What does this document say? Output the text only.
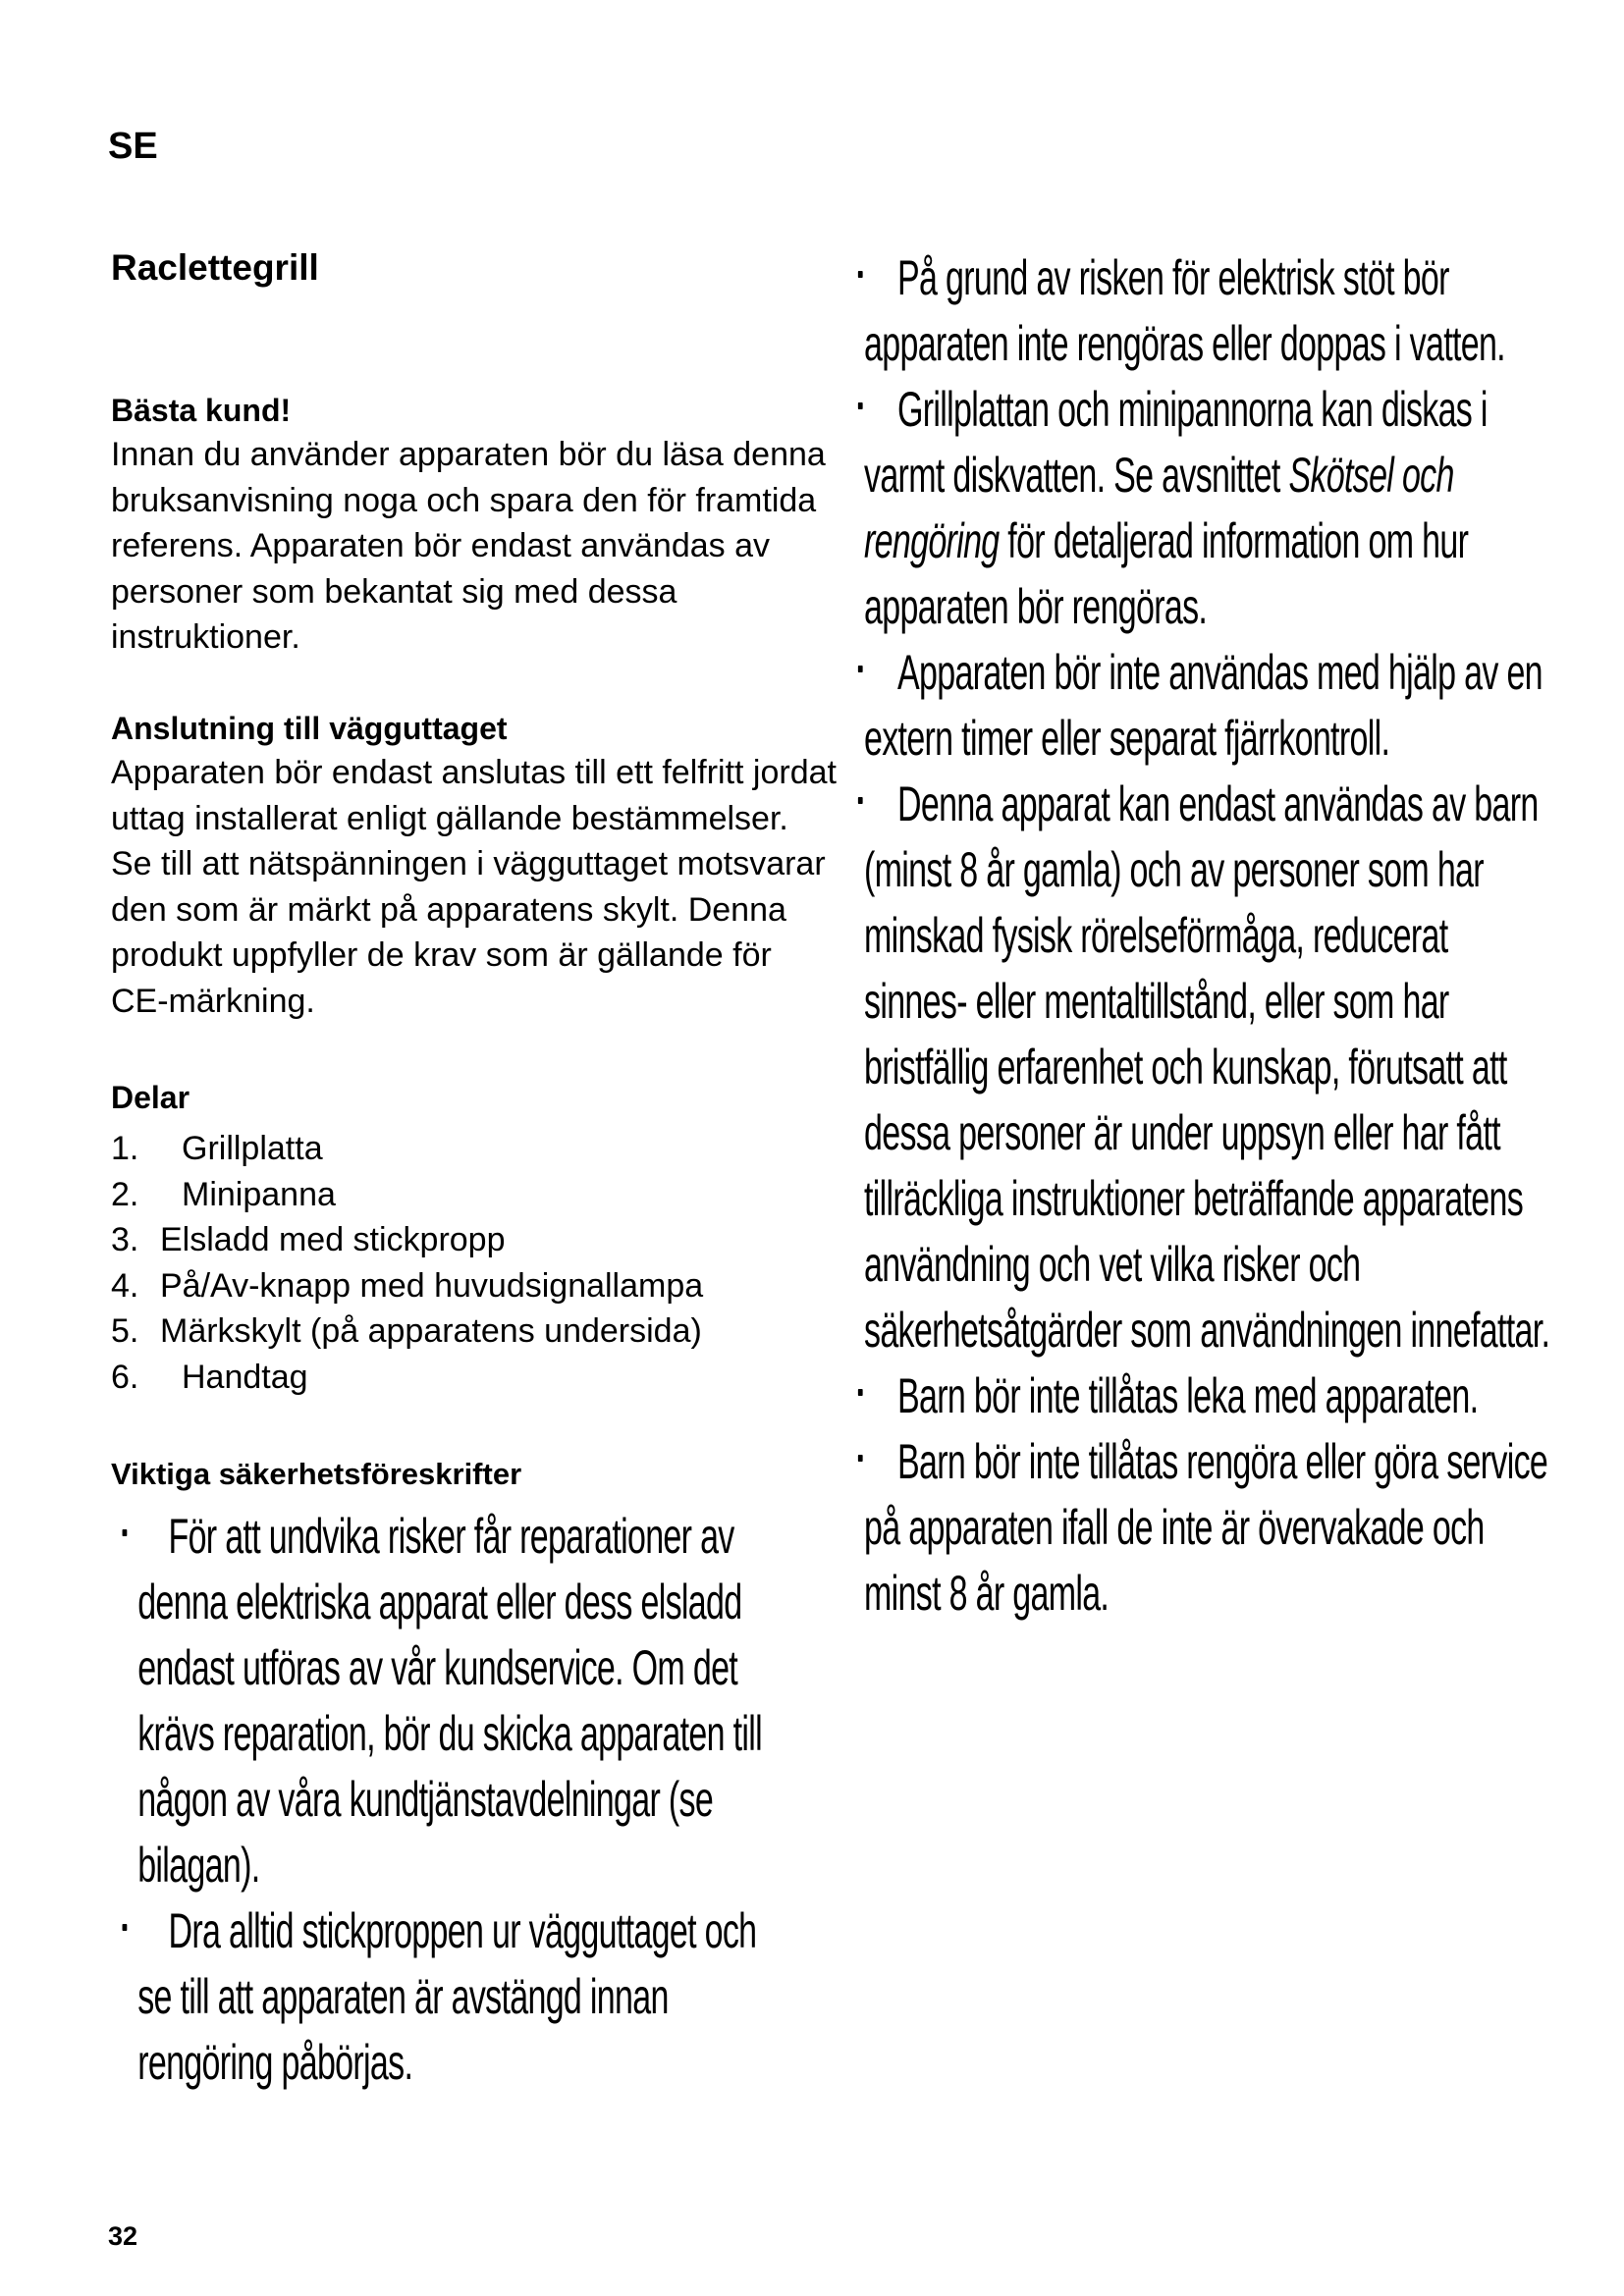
SE
Raclettegrill
Bästa kund!

Innan du använder apparaten bör du läsa denna bruksanvisning noga och spara den för framtida referens. Apparaten bör endast användas av personer som bekantat sig med dessa instruktioner.

Anslutning till vägguttaget

Apparaten bör endast anslutas till ett felfritt jordat uttag installerat enligt gällande bestämmelser. Se till att nätspänningen i vägguttaget motsvarar den som är märkt på apparatens skylt. Denna produkt uppfyller de krav som är gällande för CE-märkning.

Delar
1.	Grillplatta
2.	Minipanna
3. Elsladd med stickpropp
4. På/Av-knapp med huvudsignallampa
5. Märkskylt (på apparatens undersida)
6.	Handtag
Viktiga säkerhetsföreskrifter
För att undvika risker får reparationer av denna elektriska apparat eller dess elsladd endast utföras av vår kundservice. Om det krävs reparation, bör du skicka apparaten till någon av våra kundtjänstavdelningar (se bilagan).
Dra alltid stickproppen ur vägguttaget och se till att apparaten är avstängd innan rengöring påbörjas.
På grund av risken för elektrisk stöt bör apparaten inte rengöras eller doppas i vatten.
Grillplattan och minipannorna kan diskas i varmt diskvatten. Se avsnittet Skötsel och rengöring för detaljerad information om hur apparaten bör rengöras.
Apparaten bör inte användas med hjälp av en extern timer eller separat fjärrkontroll.
Denna apparat kan endast användas av barn (minst 8 år gamla) och av personer som har minskad fysisk rörelseförmåga, reducerat sinnes- eller mentaltillstånd, eller som har bristfällig erfarenhet och kunskap, förutsatt att dessa personer är under uppsyn eller har fått tillräckliga instruktioner beträffande apparatens användning och vet vilka risker och säkerhetsåtgärder som användningen innefattar.
Barn bör inte tillåtas leka med apparaten.
Barn bör inte tillåtas rengöra eller göra service på apparaten ifall de inte är övervakade och minst 8 år gamla.
32
